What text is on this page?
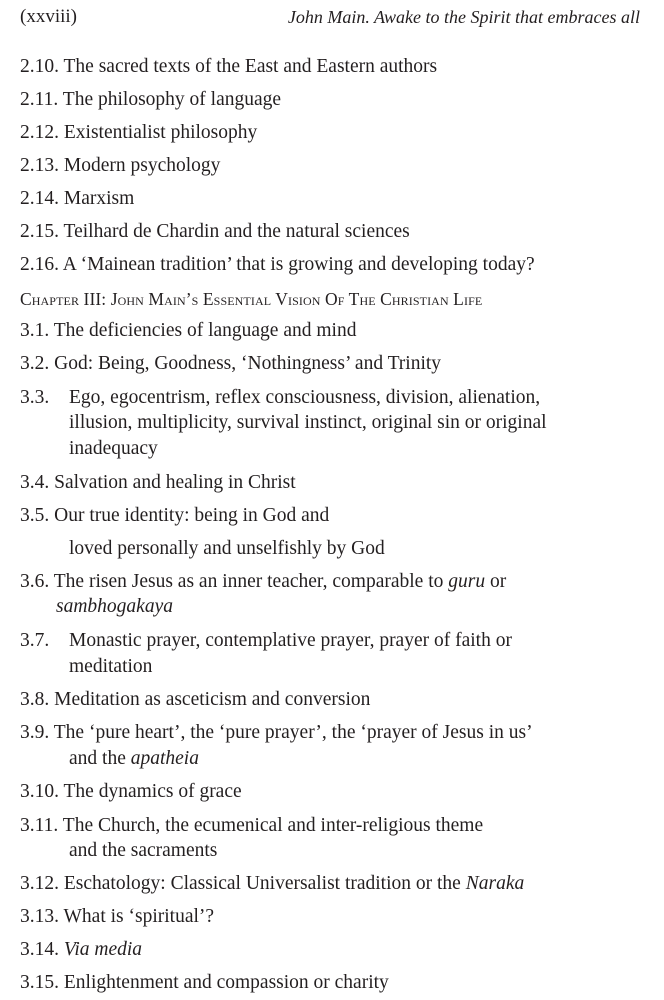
(xxviii)	John Main. Awake to the Spirit that embraces all
2.10. The sacred texts of the East and Eastern authors
2.11. The philosophy of language
2.12. Existentialist philosophy
2.13. Modern psychology
2.14. Marxism
2.15. Teilhard de Chardin and the natural sciences
2.16. A ‘Mainean tradition’ that is growing and developing today?
Chapter III: John Main’s Essential Vision Of The Christian Life
3.1. The deficiencies of language and mind
3.2. God: Being, Goodness, ‘Nothingness’ and Trinity
3.3. Ego, egocentrism, reflex consciousness, division, alienation,
illusion, multiplicity, survival instinct, original sin or original
inadequacy
3.4. Salvation and healing in Christ
3.5. Our true identity: being in God and
loved personally and unselfishly by God
3.6. The risen Jesus as an inner teacher, comparable to guru or
sambhogakaya
3.7. Monastic prayer, contemplative prayer, prayer of faith or
meditation
3.8. Meditation as asceticism and conversion
3.9. The ‘pure heart’, the ‘pure prayer’, the ‘prayer of Jesus in us’
and the apatheia
3.10. The dynamics of grace
3.11. The Church, the ecumenical and inter-religious theme
and the sacraments
3.12. Eschatology: Classical Universalist tradition or the Naraka
3.13. What is ‘spiritual’?
3.14. Via media
3.15. Enlightenment and compassion or charity
